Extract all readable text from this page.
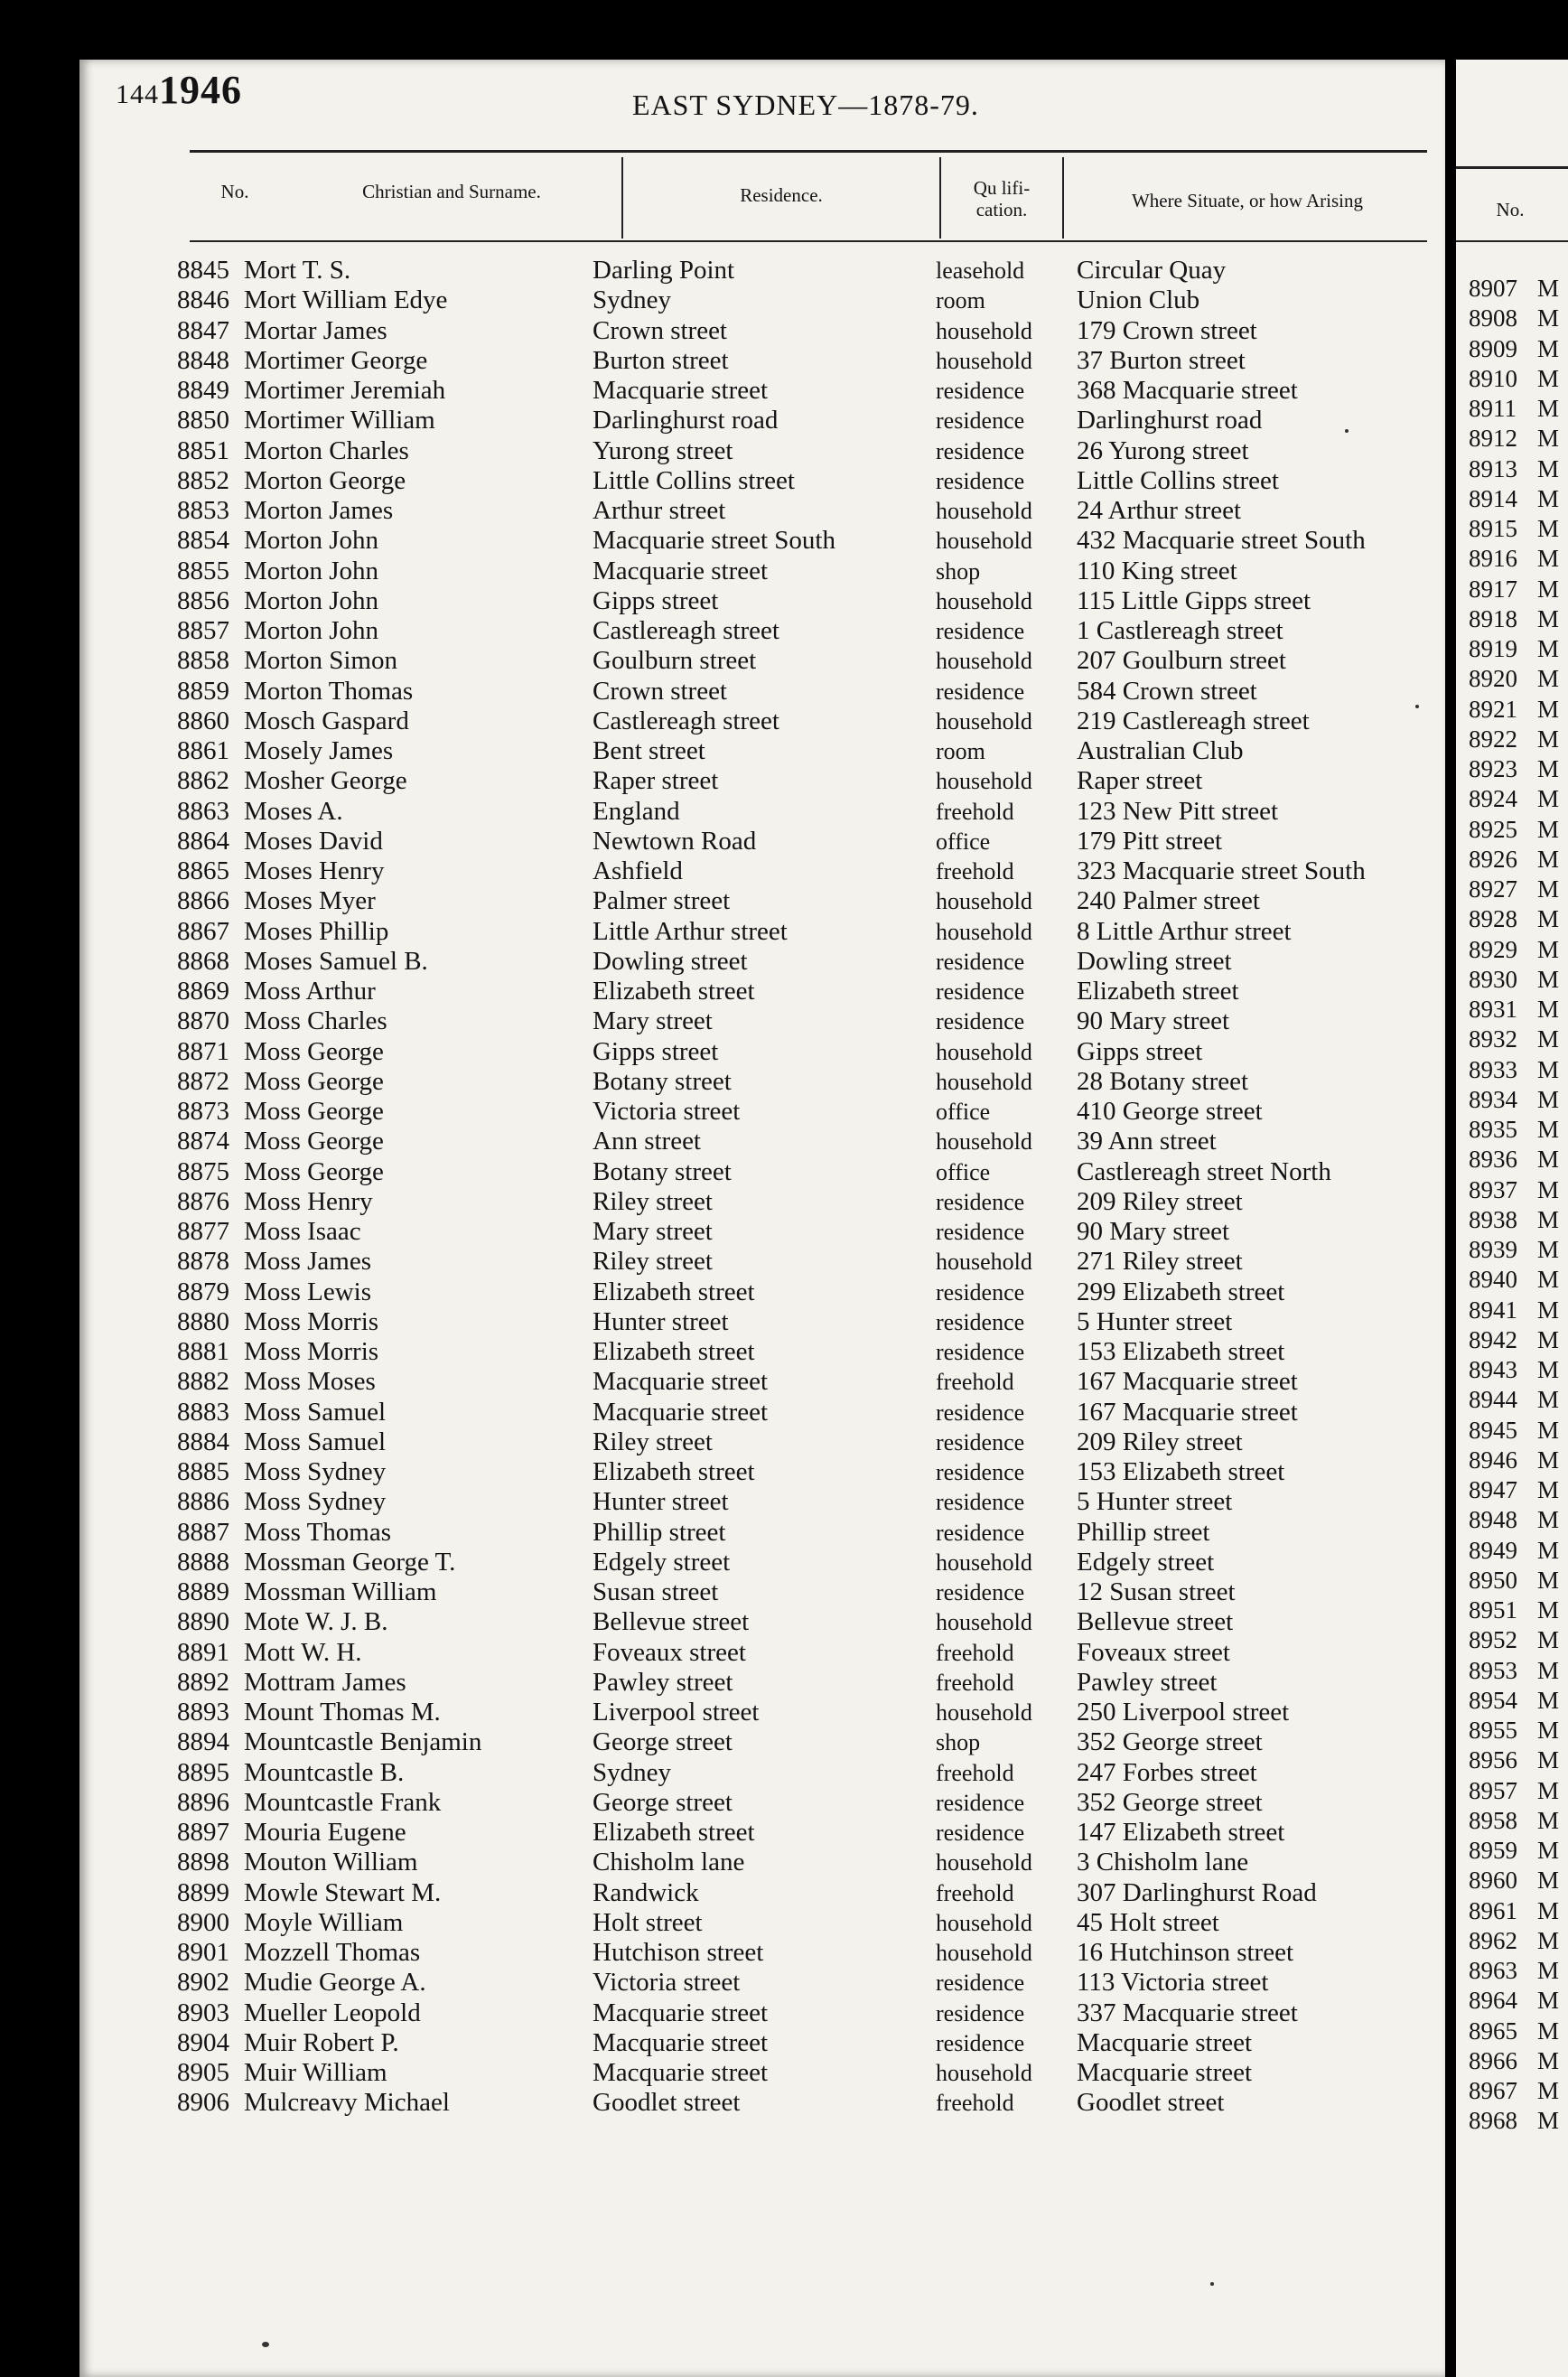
No.
8907 M
8908 M
8909 M
8910 M
8911 M
8912 M
8913 M
8914 M
8915 M
8916 M
8917 M
8918 M
8919 M
8920 M
8921 M
8922 M
8923 M
8924 M
8925 M
8926 M
8927 M
8928 M
8929 M
8930 M
8931 M
8932 M
8933 M
8934 M
8935 M
8936 M
8937 M
8938 M
8939 M
8940 M
8941 M
8942 M
8943 M
8944 M
8945 M
8946 M
8947 M
8948 M
8949 M
8950 M
8951 M
8952 M
8953 M
8954 M
8955 M
8956 M
8957 M
8958 M
8959 M
8960 M
8961 M
8962 M
8963 M
8964 M
8965 M
8966 M
8967 M
8968 M
1441946	EAST SYDNEY—1878-79.
No.	Christian and Surname.	Residence.	Qu lifi-
cation.	Where Situate, or how Arising
8845 Mort T. S.	Darling Point	leasehold Circular Quay
8846 Mort William Edye	Sydney	room	Union Club
8847 Mortar James	Crown street	household 179 Crown street
8848 Mortimer George	Burton street	household 37 Burton street
8849 Mortimer Jeremiah	Macquarie street	residence 368 Macquarie street
8850 Mortimer William	Darlinghurst road	residence Darlinghurst road
8851 Morton Charles	Yurong street	residence 26 Yurong street
8852 Morton George	Little Collins street	residence Little Collins street
8853 Morton James	Arthur street	household 24 Arthur street
8854 Morton John	Macquarie street South	household 432 Macquarie street South
8855 Morton John	Macquarie street	shop	110 King street
8856 Morton John	Gipps street	household 115 Little Gipps street
8857 Morton John	Castlereagh street	residence 1 Castlereagh street
8858 Morton Simon	Goulburn street	household 207 Goulburn street
8859 Morton Thomas	Crown street	residence 584 Crown street
8860 Mosch Gaspard	Castlereagh street	household 219 Castlereagh street
8861 Mosely James	Bent street	room	Australian Club
8862 Mosher George	Raper street	household Raper street
8863 Moses A.	England	freehold 123 New Pitt street
8864 Moses David	Newtown Road	office	179 Pitt street
8865 Moses Henry	Ashfield	freehold 323 Macquarie street South
8866 Moses Myer	Palmer street	household 240 Palmer street
8867 Moses Phillip	Little Arthur street	household 8 Little Arthur street
8868 Moses Samuel B.	Dowling street	residence Dowling street
8869 Moss Arthur	Elizabeth street	residence Elizabeth street
8870 Moss Charles	Mary street	residence 90 Mary street
8871 Moss George	Gipps street	household Gipps street
8872 Moss George	Botany street	household 28 Botany street
8873 Moss George	Victoria street	office	410 George street
8874 Moss George	Ann street	household 39 Ann street
8875 Moss George	Botany street	office	Castlereagh street North
8876 Moss Henry	Riley street	residence 209 Riley street
8877 Moss Isaac	Mary street	residence 90 Mary street
8878 Moss James	Riley street	household 271 Riley street
8879 Moss Lewis	Elizabeth street	residence 299 Elizabeth street
8880 Moss Morris	Hunter street	residence 5 Hunter street
8881 Moss Morris	Elizabeth street	residence 153 Elizabeth street
8882 Moss Moses	Macquarie street	freehold 167 Macquarie street
8883 Moss Samuel	Macquarie street	residence 167 Macquarie street
8884 Moss Samuel	Riley street	residence 209 Riley street
8885 Moss Sydney	Elizabeth street	residence 153 Elizabeth street
8886 Moss Sydney	Hunter street	residence 5 Hunter street
8887 Moss Thomas	Phillip street	residence Phillip street
8888 Mossman George T.	Edgely street	household Edgely street
8889 Mossman William	Susan street	residence 12 Susan street
8890 Mote W. J. B.	Bellevue street	household Bellevue street
8891 Mott W. H.	Foveaux street	freehold Foveaux street
8892 Mottram James	Pawley street	freehold Pawley street
8893 Mount Thomas M.	Liverpool street	household 250 Liverpool street
8894 Mountcastle Benjamin	George street	shop	352 George street
8895 Mountcastle B.	Sydney	freehold 247 Forbes street
8896 Mountcastle Frank	George street	residence 352 George street
8897 Mouria Eugene	Elizabeth street	residence 147 Elizabeth street
8898 Mouton William	Chisholm lane	household 3 Chisholm lane
8899 Mowle Stewart M.	Randwick	freehold 307 Darlinghurst Road
8900 Moyle William	Holt street	household 45 Holt street
8901 Mozzell Thomas	Hutchison street	household 16 Hutchinson street
8902 Mudie George A.	Victoria street	residence 113 Victoria street
8903 Mueller Leopold	Macquarie street	residence 337 Macquarie street
8904 Muir Robert P.	Macquarie street	residence Macquarie street
8905 Muir William	Macquarie street	household Macquarie street
8906 Mulcreavy Michael	Goodlet street	freehold Goodlet street
